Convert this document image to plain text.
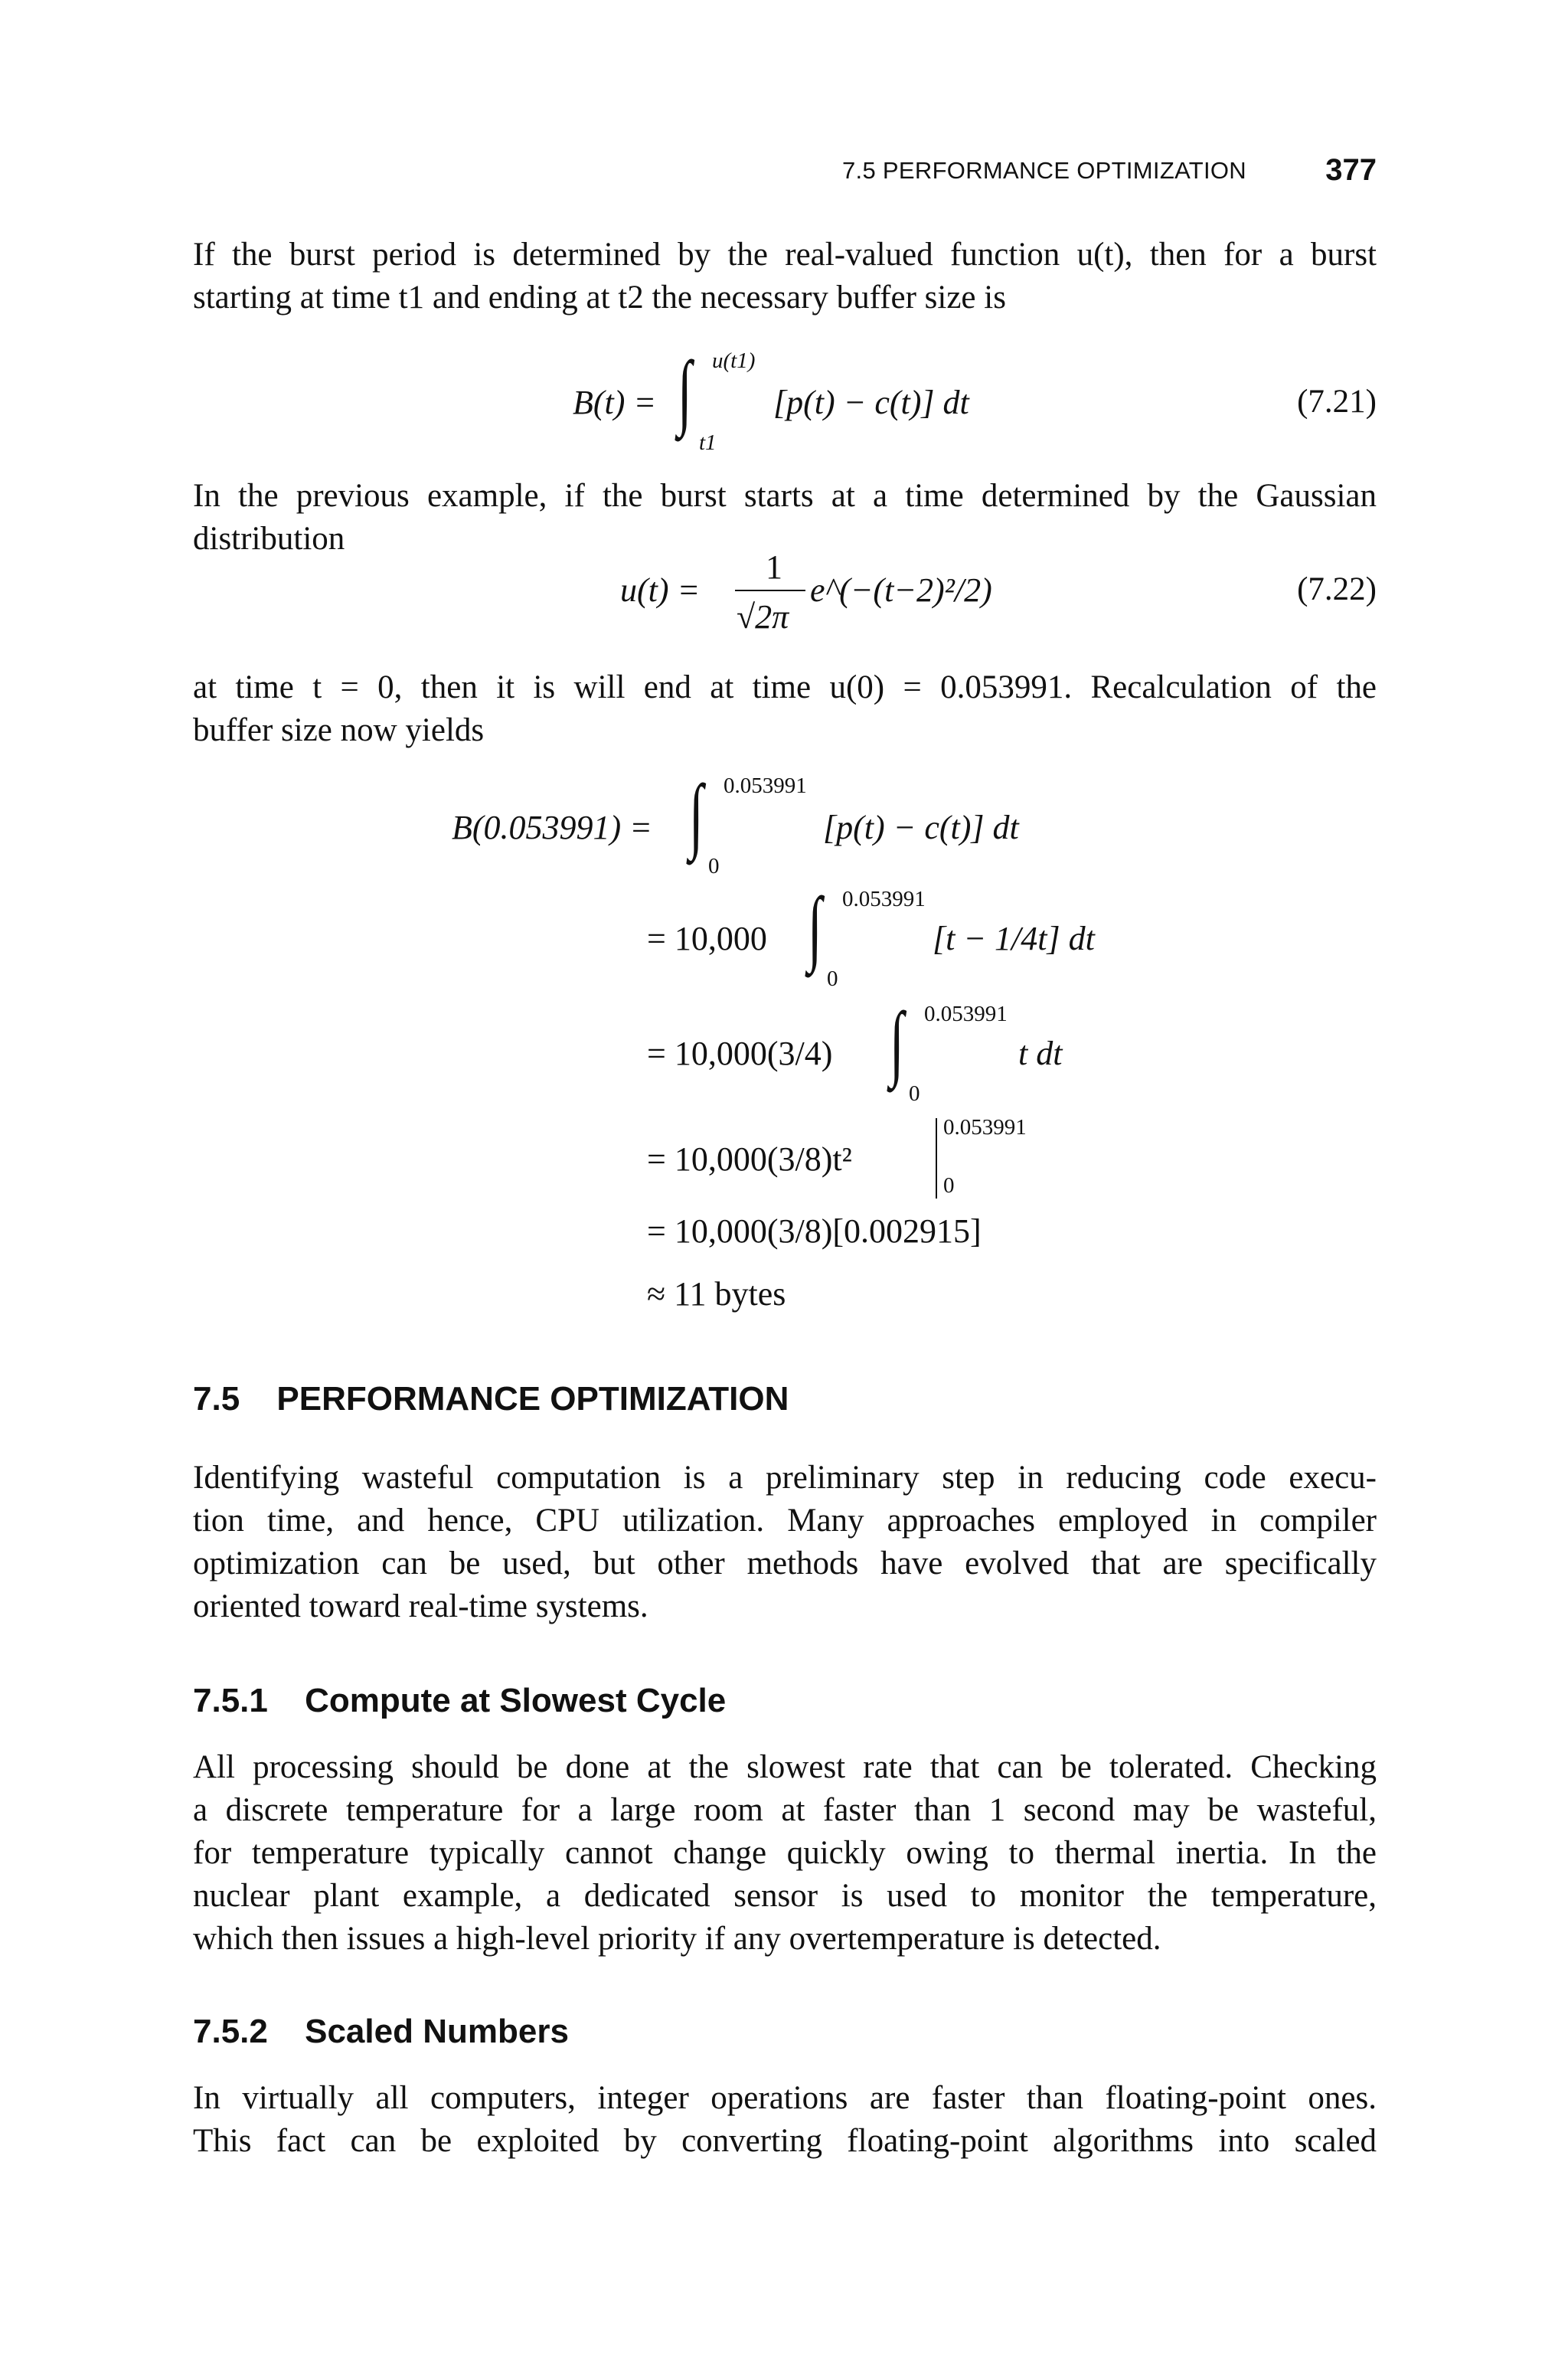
7.5 PERFORMANCE OPTIMIZATION	377
If the burst period is determined by the real-valued function u(t), then for a burst
starting at time t1 and ending at t2 the necessary buffer size is
B(t) = ∫ u(t1)
t1
[p(t) − c(t)] dt	(7.21)
In the previous example, if the burst starts at a time determined by the Gaussian
distribution
u(t) =
1
√2π
e^(−(t−2)²/2)	(7.22)
at time t = 0, then it is will end at time u(0) = 0.053991. Recalculation of the
buffer size now yields
B(0.053991) = ∫ 0.053991
0
[p(t) − c(t)] dt
= 10,000 ∫ 0.053991
0
[t − 1/4t] dt
= 10,000(3/4) ∫ 0.053991
0
t dt
= 10,000(3/8)t²
0.053991
0
= 10,000(3/8)[0.002915]
≈ 11 bytes
7.5 PERFORMANCE OPTIMIZATION
Identifying wasteful computation is a preliminary step in reducing code execu-
tion time, and hence, CPU utilization. Many approaches employed in compiler
optimization can be used, but other methods have evolved that are specifically
oriented toward real-time systems.
7.5.1 Compute at Slowest Cycle
All processing should be done at the slowest rate that can be tolerated. Checking
a discrete temperature for a large room at faster than 1 second may be wasteful,
for temperature typically cannot change quickly owing to thermal inertia. In the
nuclear plant example, a dedicated sensor is used to monitor the temperature,
which then issues a high-level priority if any overtemperature is detected.
7.5.2 Scaled Numbers
In virtually all computers, integer operations are faster than floating-point ones.
This fact can be exploited by converting floating-point algorithms into scaled
